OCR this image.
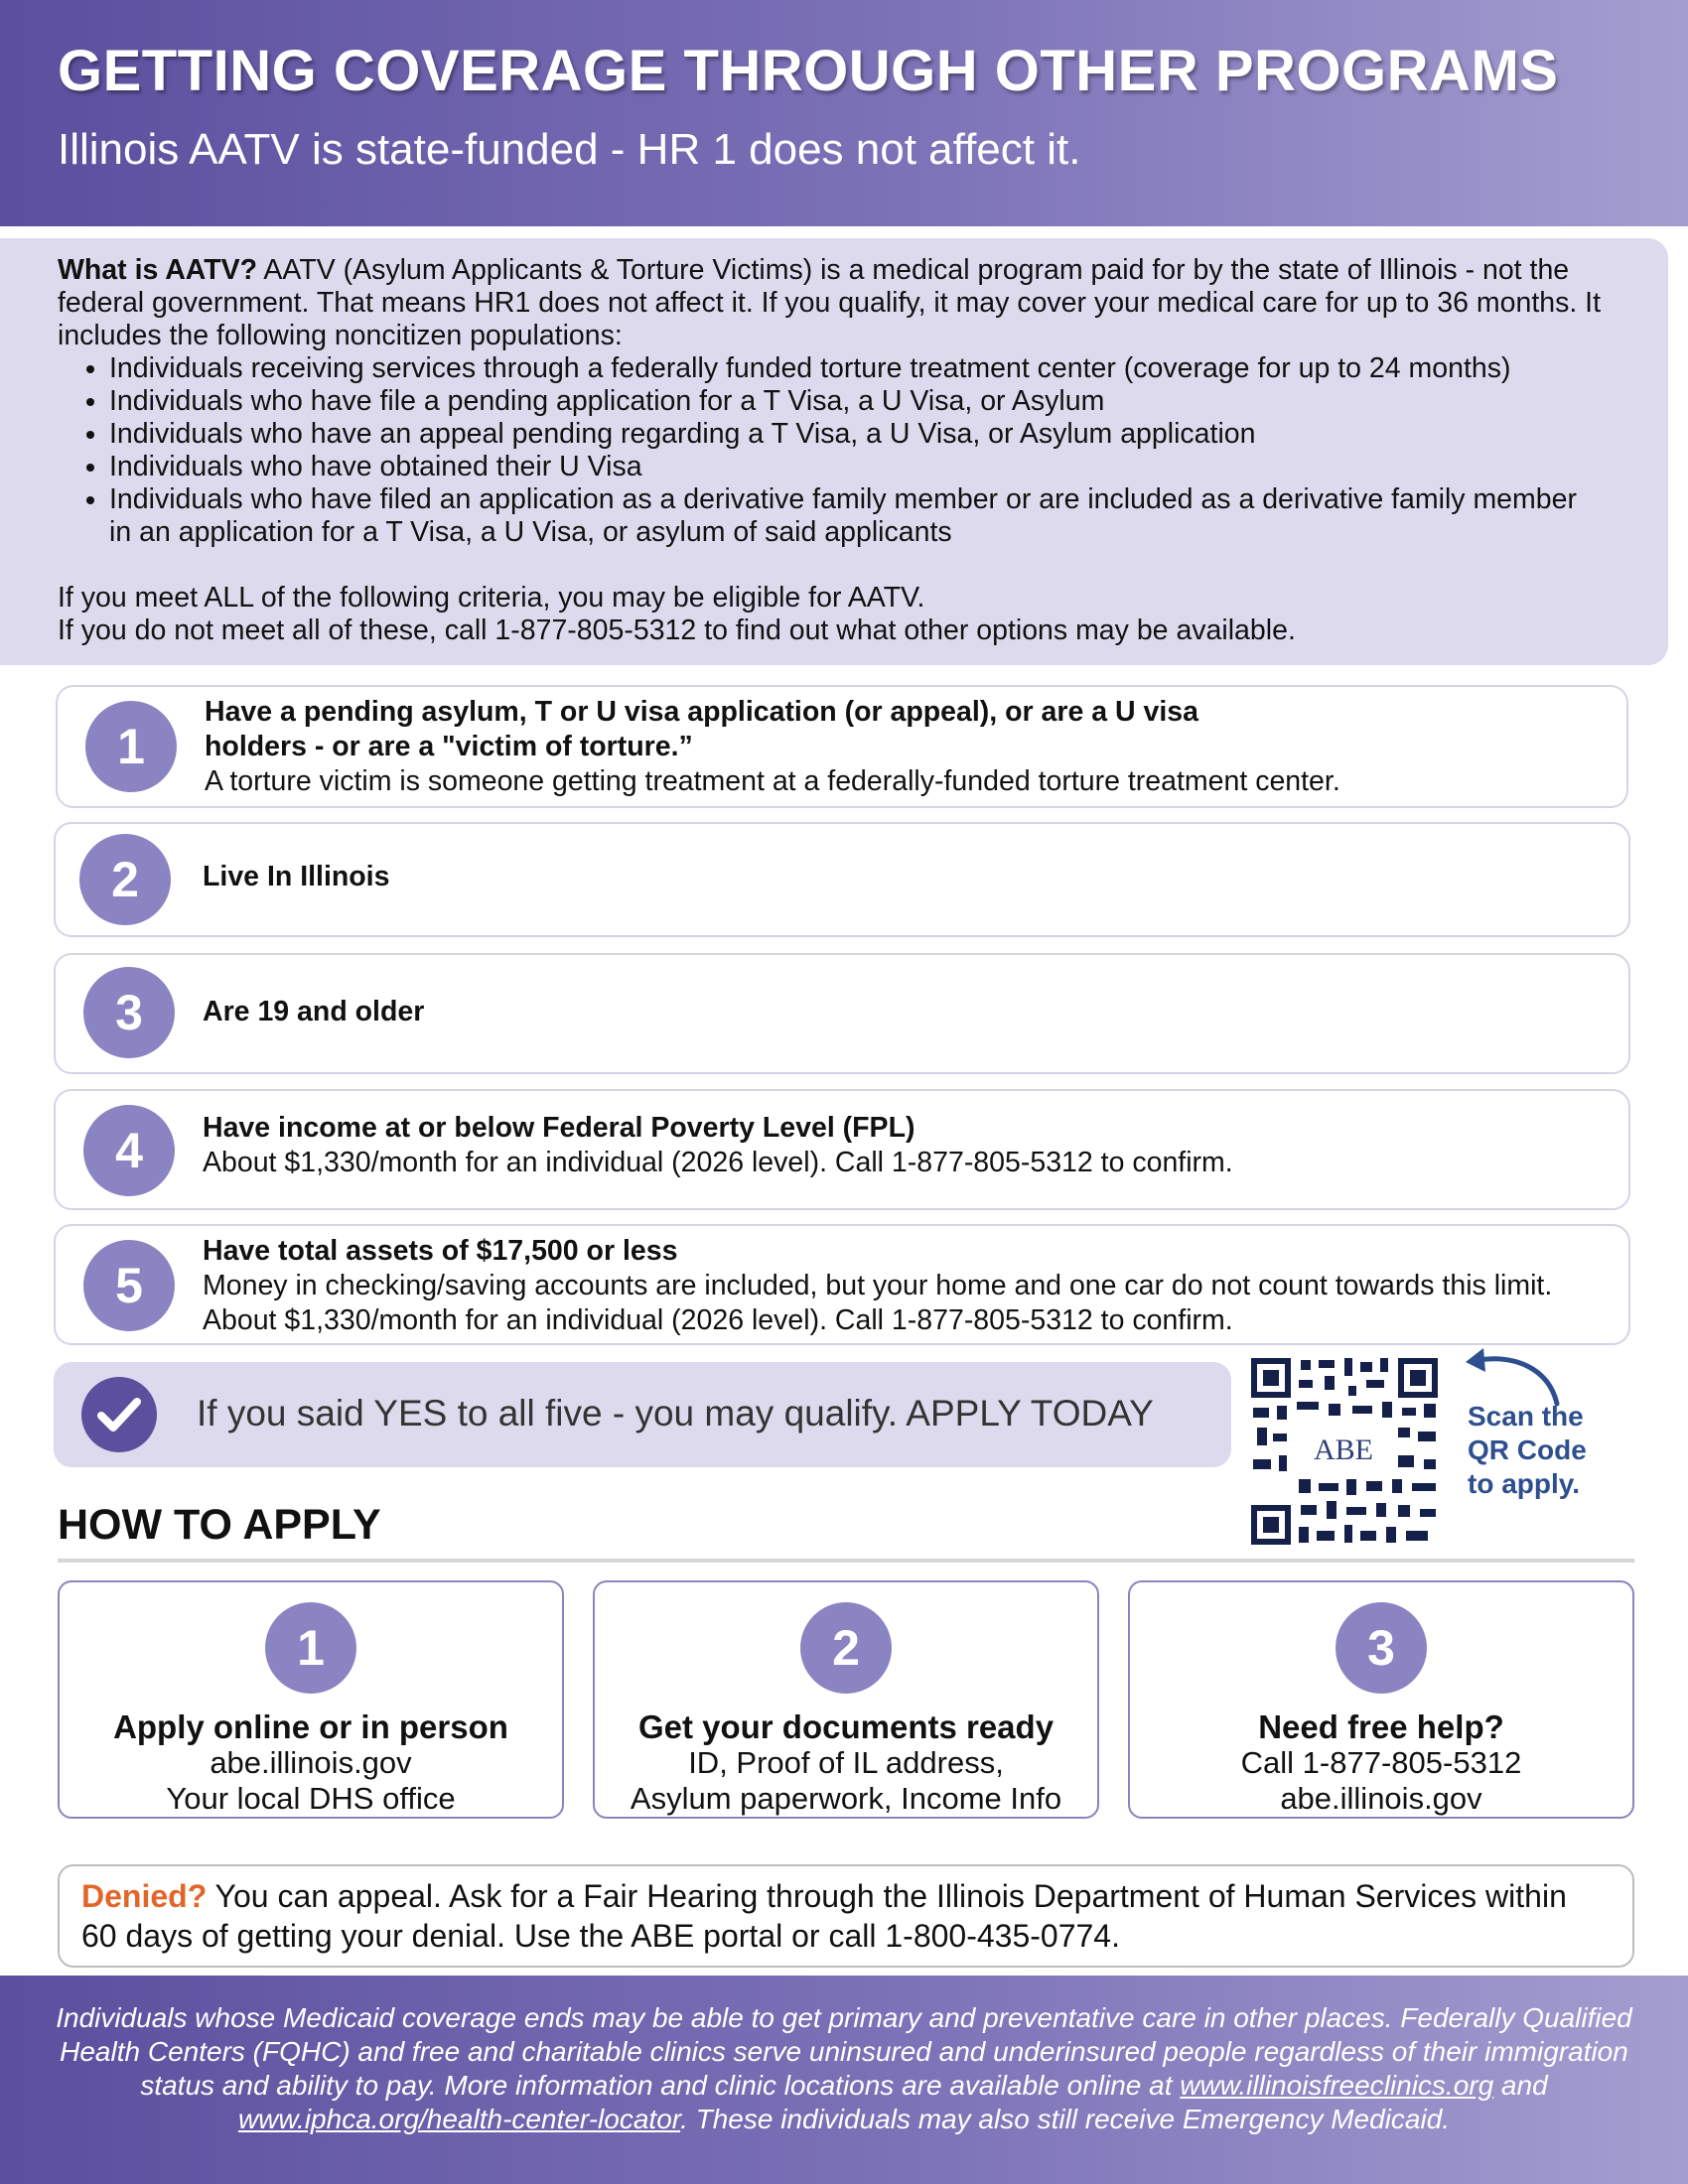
GETTING COVERAGE THROUGH OTHER PROGRAMS
Illinois AATV is state-funded - HR 1 does not affect it.
What is AATV? AATV (Asylum Applicants & Torture Victims) is a medical program paid for by the state of Illinois - not the federal government. That means HR1 does not affect it. If you qualify, it may cover your medical care for up to 36 months. It includes the following noncitizen populations:
• Individuals receiving services through a federally funded torture treatment center (coverage for up to 24 months)
• Individuals who have file a pending application for a T Visa, a U Visa, or Asylum
• Individuals who have an appeal pending regarding a T Visa, a U Visa, or Asylum application
• Individuals who have obtained their U Visa
• Individuals who have filed an application as a derivative family member or are included as a derivative family member in an application for a T Visa, a U Visa, or asylum of said applicants
If you meet ALL of the following criteria, you may be eligible for AATV.
If you do not meet all of these, call 1-877-805-5312 to find out what other options may be available.
1
Have a pending asylum, T or U visa application (or appeal), or are a U visa
holders - or are a "victim of torture.”
A torture victim is someone getting treatment at a federally-funded torture treatment center.
2	Live In Illinois
3	Are 19 and older
4	Have income at or below Federal Poverty Level (FPL)
About $1,330/month for an individual (2026 level). Call 1-877-805-5312 to confirm.
5
Have total assets of $17,500 or less
Money in checking/saving accounts are included, but your home and one car do not count towards this limit.
About $1,330/month for an individual (2026 level). Call 1-877-805-5312 to confirm.
If you said YES to all five - you may qualify. APPLY TODAY
ABE
Scan the
QR Code
to apply.
HOW TO APPLY
1
Apply online or in person
abe.illinois.gov
Your local DHS office
2
Get your documents ready
ID, Proof of IL address,
Asylum paperwork, Income Info
3
Need free help?
Call 1-877-805-5312
abe.illinois.gov
Denied? You can appeal. Ask for a Fair Hearing through the Illinois Department of Human Services within 60 days of getting your denial. Use the ABE portal or call 1-800-435-0774.
Individuals whose Medicaid coverage ends may be able to get primary and preventative care in other places. Federally Qualified Health Centers (FQHC) and free and charitable clinics serve uninsured and underinsured people regardless of their immigration status and ability to pay. More information and clinic locations are available online at www.illinoisfreeclinics.org and www.iphca.org/health-center-locator. These individuals may also still receive Emergency Medicaid.
